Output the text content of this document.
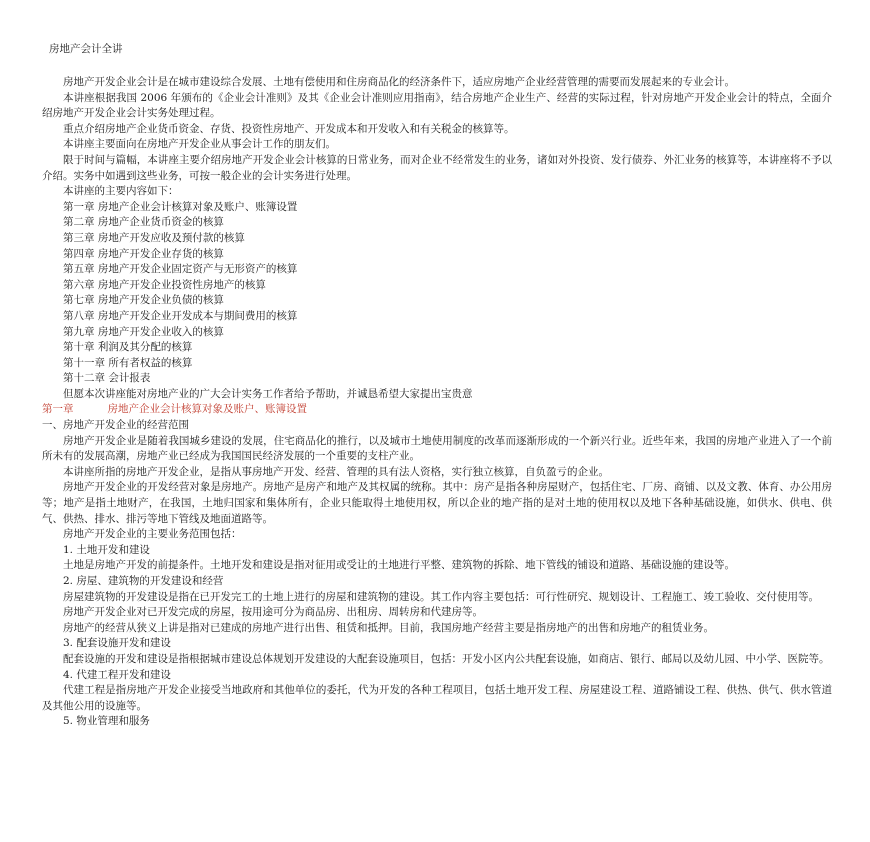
房地产会计全讲

房地产开发企业会计是在城市建设综合发展、土地有偿使用和住房商品化的经济条件下，适应房地产企业经营管理的需要而发展起来的专业会计。

本讲座根据我国 2006 年颁布的《企业会计准则》及其《企业会计准则应用指南》，结合房地产企业生产、经营的实际过程，针对房地产开发企业会计的特点，全面介绍房地产开发企业会计实务处理过程。

重点介绍房地产企业货币资金、存货、投资性房地产、开发成本和开发收入和有关税金的核算等。

本讲座主要面向在房地产开发企业从事会计工作的朋友们。

限于时间与篇幅，本讲座主要介绍房地产开发企业会计核算的日常业务，而对企业不经常发生的业务，诸如对外投资、发行债券、外汇业务的核算等，本讲座将不予以介绍。实务中如遇到这些业务，可按一般企业的会计实务进行处理。

本讲座的主要内容如下：

第一章 房地产企业会计核算对象及账户、账簿设置

第二章 房地产企业货币资金的核算

第三章 房地产开发应收及预付款的核算

第四章 房地产开发企业存货的核算

第五章 房地产开发企业固定资产与无形资产的核算

第六章 房地产开发企业投资性房地产的核算

第七章 房地产开发企业负债的核算

第八章 房地产开发企业开发成本与期间费用的核算

第九章 房地产开发企业收入的核算

第十章 利润及其分配的核算

第十一章 所有者权益的核算

第十二章 会计报表

但愿本次讲座能对房地产业的广大会计实务工作者给予帮助，并诚恳希望大家提出宝贵意

第一章	房地产企业会计核算对象及账户、账簿设置

一、房地产开发企业的经营范围

房地产开发企业是随着我国城乡建设的发展，住宅商品化的推行，以及城市土地使用制度的改革而逐渐形成的一个新兴行业。近些年来，我国的房地产业进入了一个前所未有的发展高潮，房地产业已经成为我国国民经济发展的一个重要的支柱产业。

本讲座所指的房地产开发企业，是指从事房地产开发、经营、管理的具有法人资格，实行独立核算，自负盈亏的企业。

房地产开发企业的开发经营对象是房地产。房地产是房产和地产及其权属的统称。其中：房产是指各种房屋财产，包括住宅、厂房、商铺、以及文教、体育、办公用房等；地产是指土地财产，在我国，土地归国家和集体所有，企业只能取得土地使用权，所以企业的地产指的是对土地的使用权以及地下各种基础设施，如供水、供电、供气、供热、排水、排污等地下管线及地面道路等。

房地产开发企业的主要业务范围包括：

1. 土地开发和建设

土地是房地产开发的前提条件。土地开发和建设是指对征用或受让的土地进行平整、建筑物的拆除、地下管线的铺设和道路、基础设施的建设等。

2. 房屋、建筑物的开发建设和经营

房屋建筑物的开发建设是指在已开发完工的土地上进行的房屋和建筑物的建设。其工作内容主要包括：可行性研究、规划设计、工程施工、竣工验收、交付使用等。

房地产开发企业对已开发完成的房屋，按用途可分为商品房、出租房、周转房和代建房等。

房地产的经营从狭义上讲是指对已建成的房地产进行出售、租赁和抵押。目前，我国房地产经营主要是指房地产的出售和房地产的租赁业务。

3. 配套设施开发和建设

配套设施的开发和建设是指根据城市建设总体规划开发建设的大配套设施项目，包括：开发小区内公共配套设施，如商店、银行、邮局以及幼儿园、中小学、医院等。

4. 代建工程开发和建设

代建工程是指房地产开发企业接受当地政府和其他单位的委托，代为开发的各种工程项目，包括土地开发工程、房屋建设工程、道路铺设工程、供热、供气、供水管道及其他公用的设施等。

5. 物业管理和服务
